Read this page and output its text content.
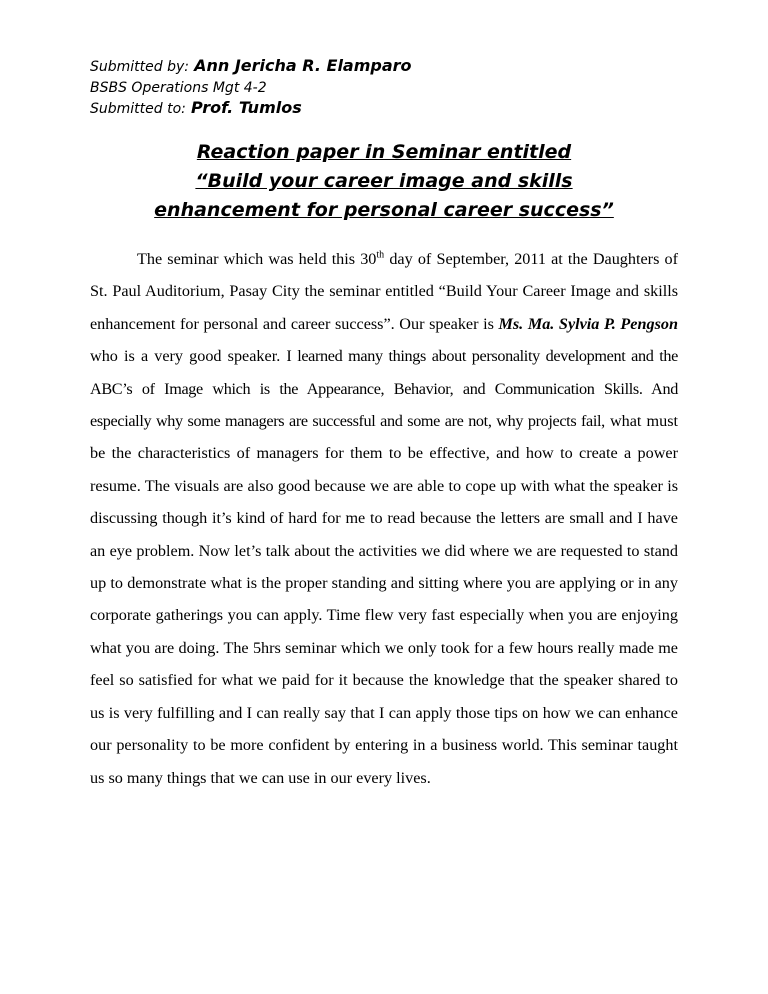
Submitted by: Ann Jericha R. Elamparo
BSBS Operations Mgt 4-2
Submitted to: Prof. Tumlos
Reaction paper in Seminar entitled
“Build your career image and skills
enhancement for personal career success”

The seminar which was held this 30th day of September, 2011 at the Daughters of St. Paul Auditorium, Pasay City the seminar entitled “Build Your Career Image and skills enhancement for personal and career success”. Our speaker is Ms. Ma. Sylvia P. Pengson who is a very good speaker. I learned many things about personality development and the ABC’s of Image which is the Appearance, Behavior, and Communication Skills. And especially why some managers are successful and some are not, why projects fail, what must be the characteristics of managers for them to be effective, and how to create a power resume. The visuals are also good because we are able to cope up with what the speaker is discussing though it’s kind of hard for me to read because the letters are small and I have an eye problem. Now let’s talk about the activities we did where we are requested to stand up to demonstrate what is the proper standing and sitting where you are applying or in any corporate gatherings you can apply. Time flew very fast especially when you are enjoying what you are doing. The 5hrs seminar which we only took for a few hours really made me feel so satisfied for what we paid for it because the knowledge that the speaker shared to us is very fulfilling and I can really say that I can apply those tips on how we can enhance our personality to be more confident by entering in a business world. This seminar taught us so many things that we can use in our every lives.
